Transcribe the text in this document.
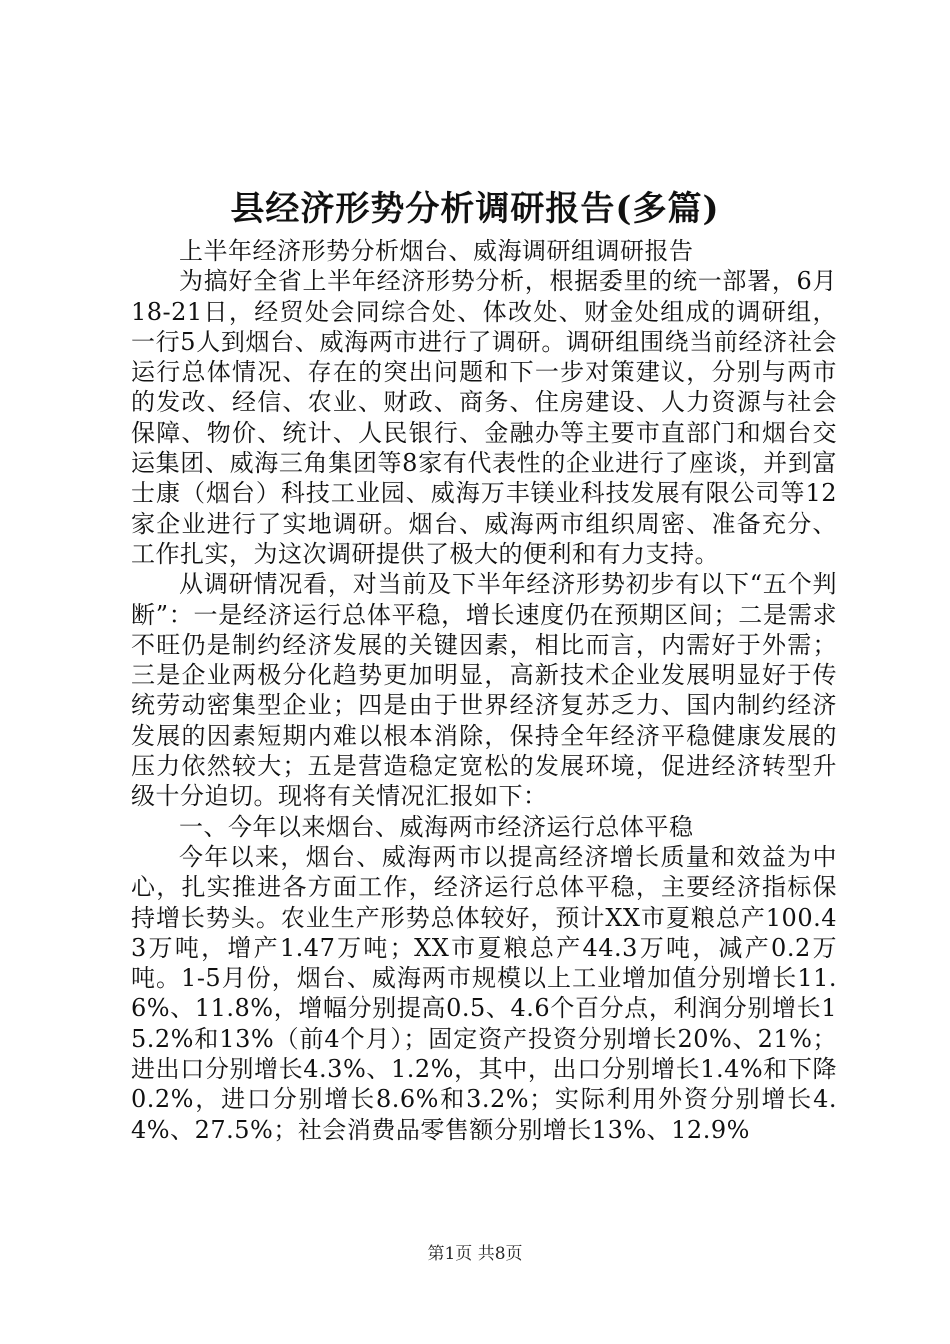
县经济形势分析调研报告(多篇)

上半年经济形势分析烟台、威海调研组调研报告

为搞好全省上半年经济形势分析，根据委里的统一部署，6月18-21日，经贸处会同综合处、体改处、财金处组成的调研组，一行5人到烟台、威海两市进行了调研。调研组围绕当前经济社会运行总体情况、存在的突出问题和下一步对策建议，分别与两市的发改、经信、农业、财政、商务、住房建设、人力资源与社会保障、物价、统计、人民银行、金融办等主要市直部门和烟台交运集团、威海三角集团等8家有代表性的企业进行了座谈，并到富士康（烟台）科技工业园、威海万丰镁业科技发展有限公司等12家企业进行了实地调研。烟台、威海两市组织周密、准备充分、工作扎实，为这次调研提供了极大的便利和有力支持。

从调研情况看，对当前及下半年经济形势初步有以下“五个判断”：一是经济运行总体平稳，增长速度仍在预期区间；二是需求不旺仍是制约经济发展的关键因素，相比而言，内需好于外需；三是企业两极分化趋势更加明显，高新技术企业发展明显好于传统劳动密集型企业；四是由于世界经济复苏乏力、国内制约经济发展的因素短期内难以根本消除，保持全年经济平稳健康发展的压力依然较大；五是营造稳定宽松的发展环境，促进经济转型升级十分迫切。现将有关情况汇报如下：

一、今年以来烟台、威海两市经济运行总体平稳

今年以来，烟台、威海两市以提高经济增长质量和效益为中心，扎实推进各方面工作，经济运行总体平稳，主要经济指标保持增长势头。农业生产形势总体较好，预计XX市夏粮总产100.43万吨，增产1.47万吨；XX市夏粮总产44.3万吨，减产0.2万吨。1-5月份，烟台、威海两市规模以上工业增加值分别增长11.6%、11.8%，增幅分别提高0.5、4.6个百分点，利润分别增长15.2%和13%（前4个月）；固定资产投资分别增长20%、21%；进出口分别增长4.3%、1.2%，其中，出口分别增长1.4%和下降0.2%，进口分别增长8.6%和3.2%；实际利用外资分别增长4.4%、27.5%；社会消费品零售额分别增长13%、12.9%

第1页 共8页
